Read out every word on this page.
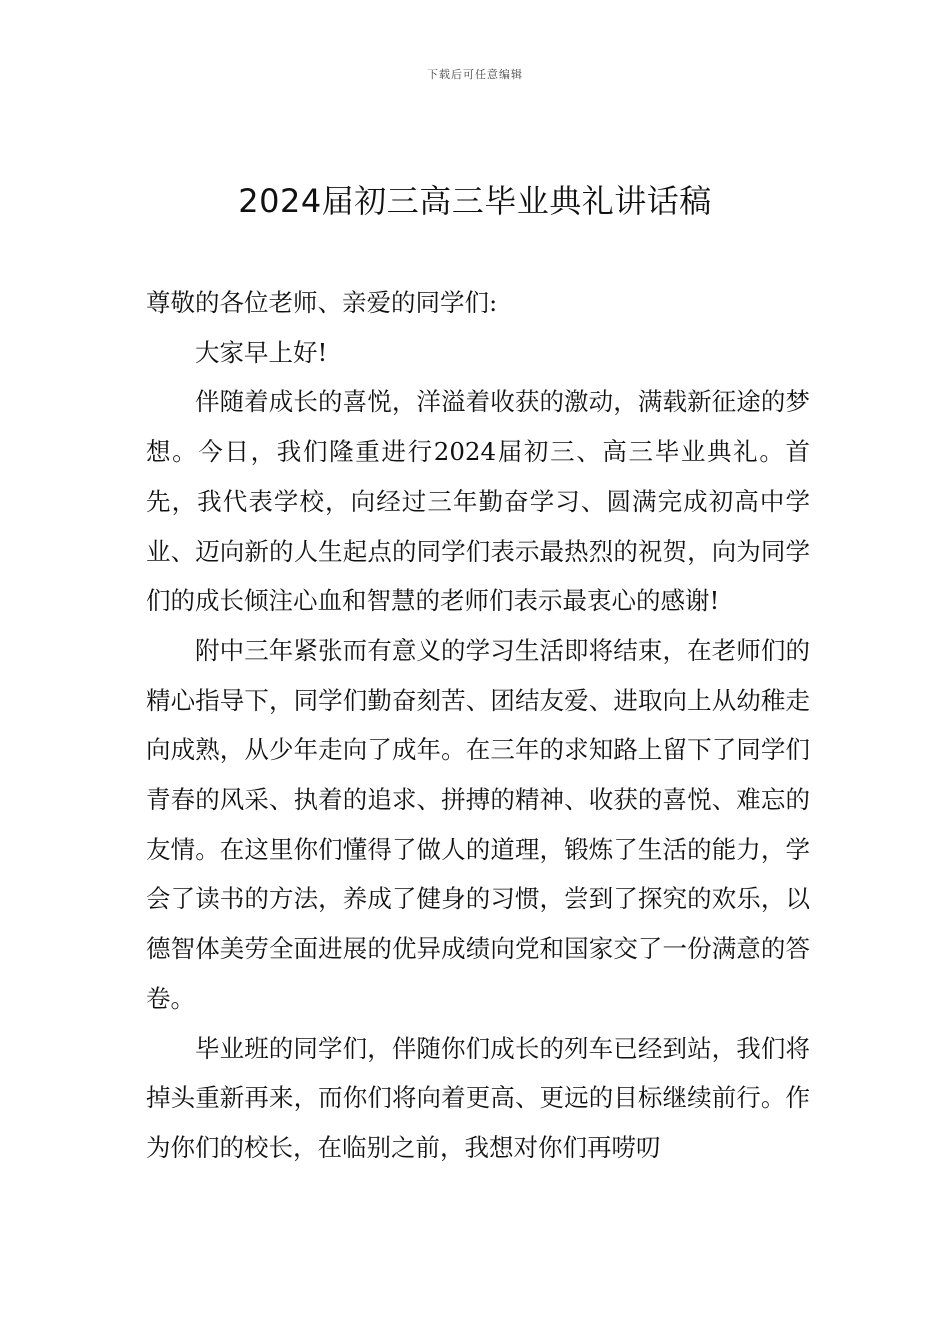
下载后可任意编辑
2024届初三高三毕业典礼讲话稿

尊敬的各位老师、亲爱的同学们:

大家早上好!

伴随着成长的喜悦，洋溢着收获的激动，满载新征途的梦想。今日，我们隆重进行2024届初三、高三毕业典礼。首先，我代表学校，向经过三年勤奋学习、圆满完成初高中学业、迈向新的人生起点的同学们表示最热烈的祝贺，向为同学们的成长倾注心血和智慧的老师们表示最衷心的感谢!

附中三年紧张而有意义的学习生活即将结束，在老师们的精心指导下，同学们勤奋刻苦、团结友爱、进取向上从幼稚走向成熟，从少年走向了成年。在三年的求知路上留下了同学们青春的风采、执着的追求、拼搏的精神、收获的喜悦、难忘的友情。在这里你们懂得了做人的道理，锻炼了生活的能力，学会了读书的方法，养成了健身的习惯，尝到了探究的欢乐，以德智体美劳全面进展的优异成绩向党和国家交了一份满意的答卷。

毕业班的同学们，伴随你们成长的列车已经到站，我们将掉头重新再来，而你们将向着更高、更远的目标继续前行。作为你们的校长，在临别之前，我想对你们再唠叨
